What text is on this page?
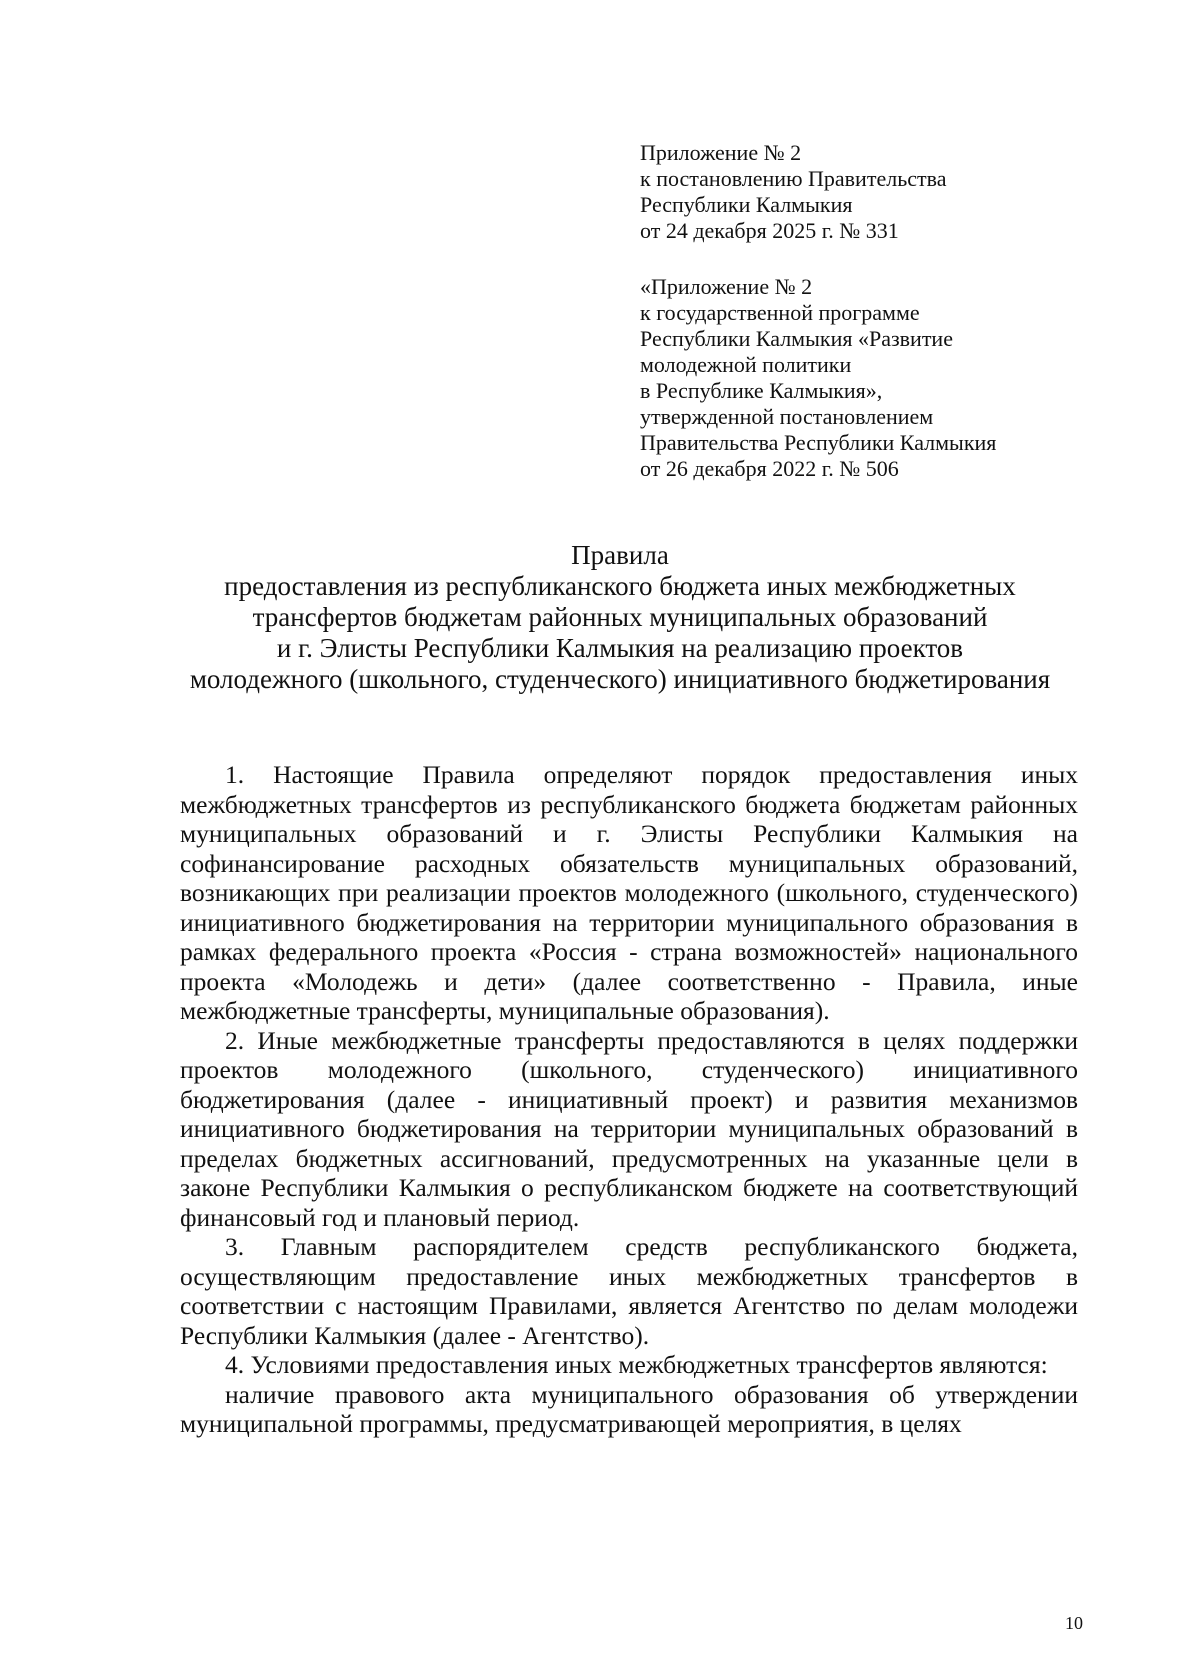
Приложение № 2
к постановлению Правительства
Республики Калмыкия
от 24 декабря 2025 г. № 331
«Приложение № 2
к государственной программе
Республики Калмыкия «Развитие
молодежной политики
в Республике Калмыкия»,
утвержденной постановлением
Правительства Республики Калмыкия
от 26 декабря 2022 г. № 506
Правила
предоставления из республиканского бюджета иных межбюджетных
трансфертов бюджетам районных муниципальных образований
и г. Элисты Республики Калмыкия на реализацию проектов
молодежного (школьного, студенческого) инициативного бюджетирования

1. Настоящие Правила определяют порядок предоставления иных межбюджетных трансфертов из республиканского бюджета бюджетам районных муниципальных образований и г. Элисты Республики Калмыкия на софинансирование расходных обязательств муниципальных образований, возникающих при реализации проектов молодежного (школьного, студенческого) инициативного бюджетирования на территории муниципального образования в рамках федерального проекта «Россия - страна возможностей» национального проекта «Молодежь и дети» (далее соответственно - Правила, иные межбюджетные трансферты, муниципальные образования).

2. Иные межбюджетные трансферты предоставляются в целях поддержки проектов молодежного (школьного, студенческого) инициативного бюджетирования (далее - инициативный проект) и развития механизмов инициативного бюджетирования на территории муниципальных образований в пределах бюджетных ассигнований, предусмотренных на указанные цели в законе Республики Калмыкия о республиканском бюджете на соответствующий финансовый год и плановый период.

3. Главным распорядителем средств республиканского бюджета, осуществляющим предоставление иных межбюджетных трансфертов в соответствии с настоящим Правилами, является Агентство по делам молодежи Республики Калмыкия (далее - Агентство).

4. Условиями предоставления иных межбюджетных трансфертов являются:

наличие правового акта муниципального образования об утверждении муниципальной программы, предусматривающей мероприятия, в целях

10
